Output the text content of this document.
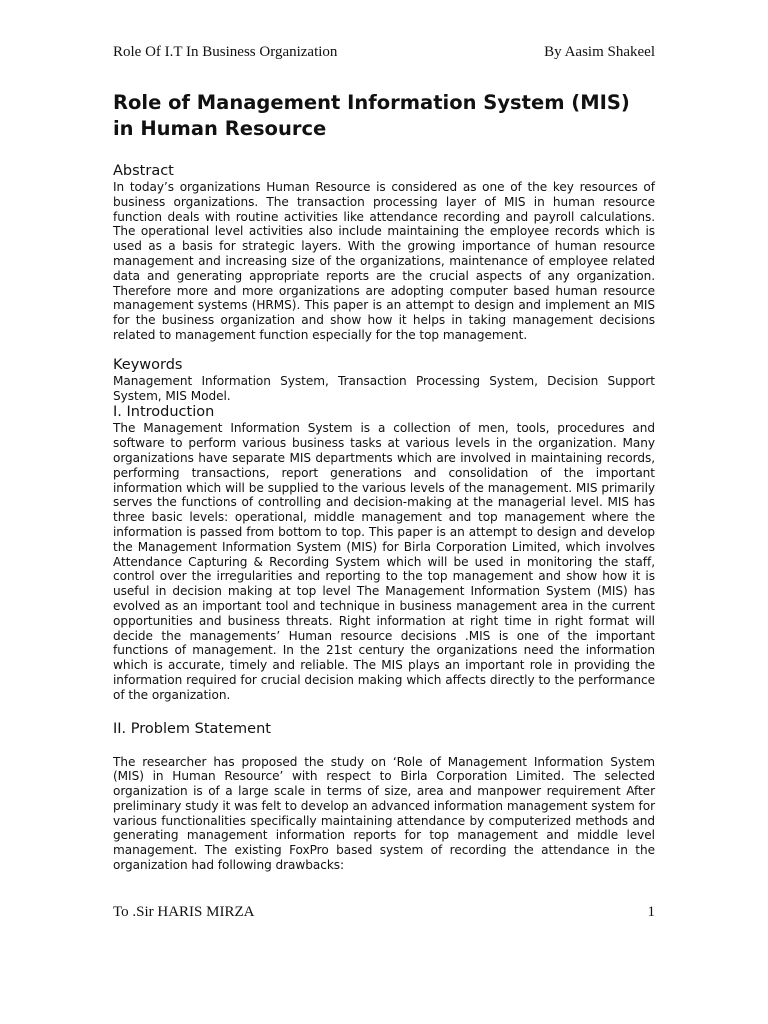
Role Of I.T In Business Organization	By Aasim Shakeel
Role of Management Information System (MIS) in Human Resource
Abstract

In today’s organizations Human Resource is considered as one of the key resources of business organizations. The transaction processing layer of MIS in human resource function deals with routine activities like attendance recording and payroll calculations. The operational level activities also include maintaining the employee records which is used as a basis for strategic layers. With the growing importance of human resource management and increasing size of the organizations, maintenance of employee related data and generating appropriate reports are the crucial aspects of any organization. Therefore more and more organizations are adopting computer based human resource management systems (HRMS). This paper is an attempt to design and implement an MIS for the business organization and show how it helps in taking management decisions related to management function especially for the top management.

Keywords

Management Information System, Transaction Processing System, Decision Support System, MIS Model.

I. Introduction

The Management Information System is a collection of men, tools, procedures and software to perform various business tasks at various levels in the organization. Many organizations have separate MIS departments which are involved in maintaining records, performing transactions, report generations and consolidation of the important information which will be supplied to the various levels of the management. MIS primarily serves the functions of controlling and decision-making at the managerial level. MIS has three basic levels: operational, middle management and top management where the information is passed from bottom to top. This paper is an attempt to design and develop the Management Information System (MIS) for Birla Corporation Limited, which involves Attendance Capturing & Recording System which will be used in monitoring the staff, control over the irregularities and reporting to the top management and show how it is useful in decision making at top level The Management Information System (MIS) has evolved as an important tool and technique in business management area in the current opportunities and business threats. Right information at right time in right format will decide the managements’ Human resource decisions .MIS is one of the important functions of management. In the 21st century the organizations need the information which is accurate, timely and reliable. The MIS plays an important role in providing the information required for crucial decision making which affects directly to the performance of the organization.

II. Problem Statement

The researcher has proposed the study on ‘Role of Management Information System (MIS) in Human Resource’ with respect to Birla Corporation Limited. The selected organization is of a large scale in terms of size, area and manpower requirement After preliminary study it was felt to develop an advanced information management system for various functionalities specifically maintaining attendance by computerized methods and generating management information reports for top management and middle level management. The existing FoxPro based system of recording the attendance in the organization had following drawbacks:

To .Sir HARIS MIRZA	1
